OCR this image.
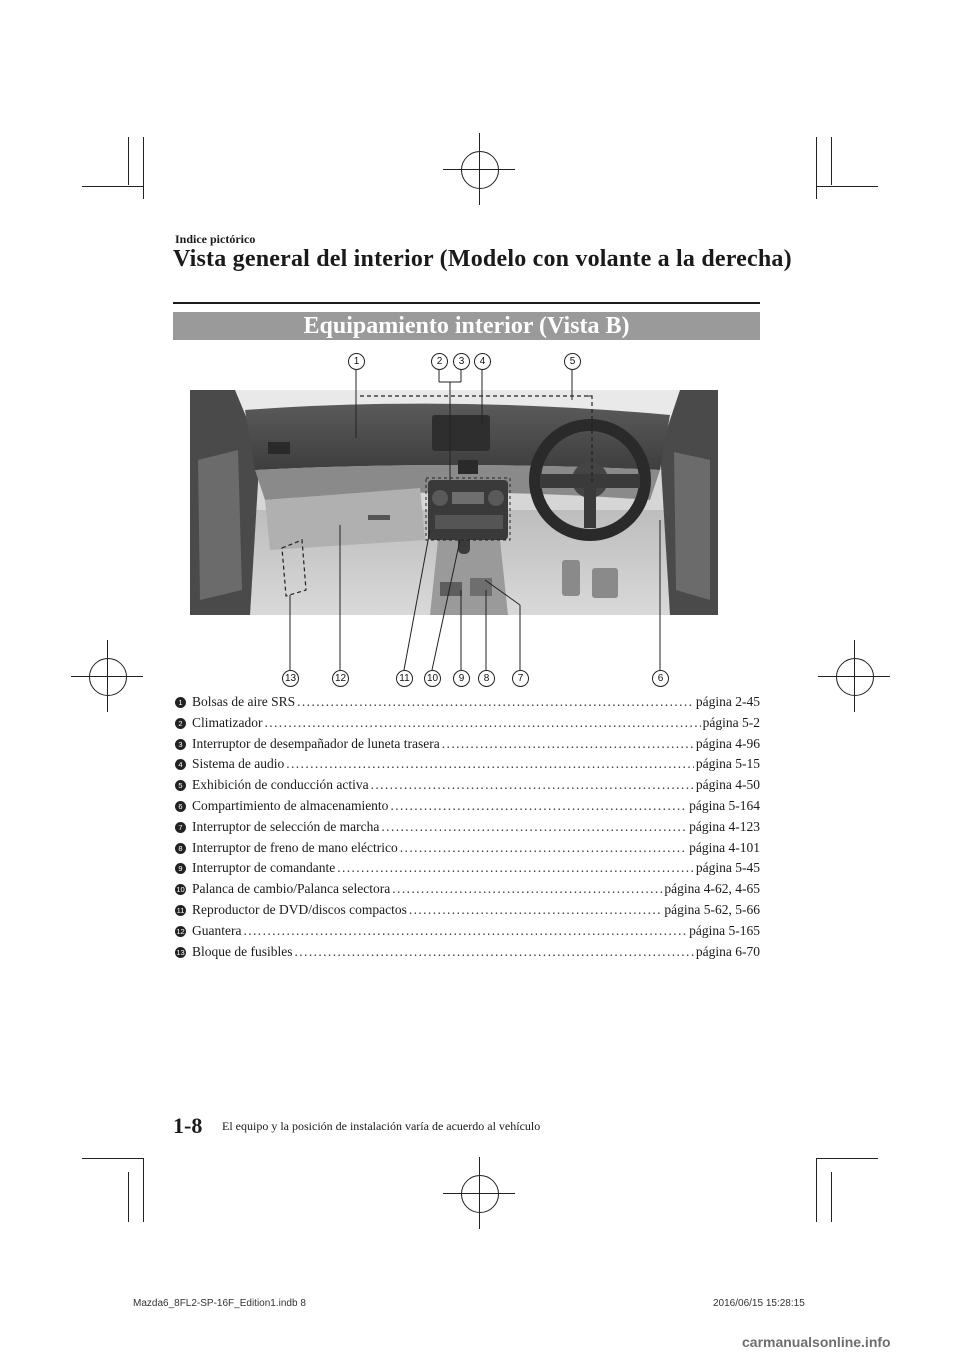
Indice pictórico
Vista general del interior (Modelo con volante a la derecha)
Equipamiento interior (Vista B)
1	2	3	4	5
13	12	11	10	9	8	7	6
1 Bolsas de aire SRS .....	página 2-45
2 Climatizador .....	página 5-2
3 Interruptor de desempañador de luneta trasera .....	página 4-96
4 Sistema de audio .....	página 5-15
5 Exhibición de conducción activa .....	página 4-50
6 Compartimiento de almacenamiento .....	página 5-164
7 Interruptor de selección de marcha .....	página 4-123
8 Interruptor de freno de mano eléctrico .....	página 4-101
9 Interruptor de comandante .....	página 5-45
10 Palanca de cambio/Palanca selectora .....	página 4-62, 4-65
11 Reproductor de DVD/discos compactos .....	página 5-62, 5-66
12 Guantera .....	página 5-165
13 Bloque de fusibles .....	página 6-70
1-8 El equipo y la posición de instalación varía de acuerdo al vehículo
Mazda6_8FL2-SP-16F_Edition1.indb 8	2016/06/15 15:28:15
carmanualsonline.info
